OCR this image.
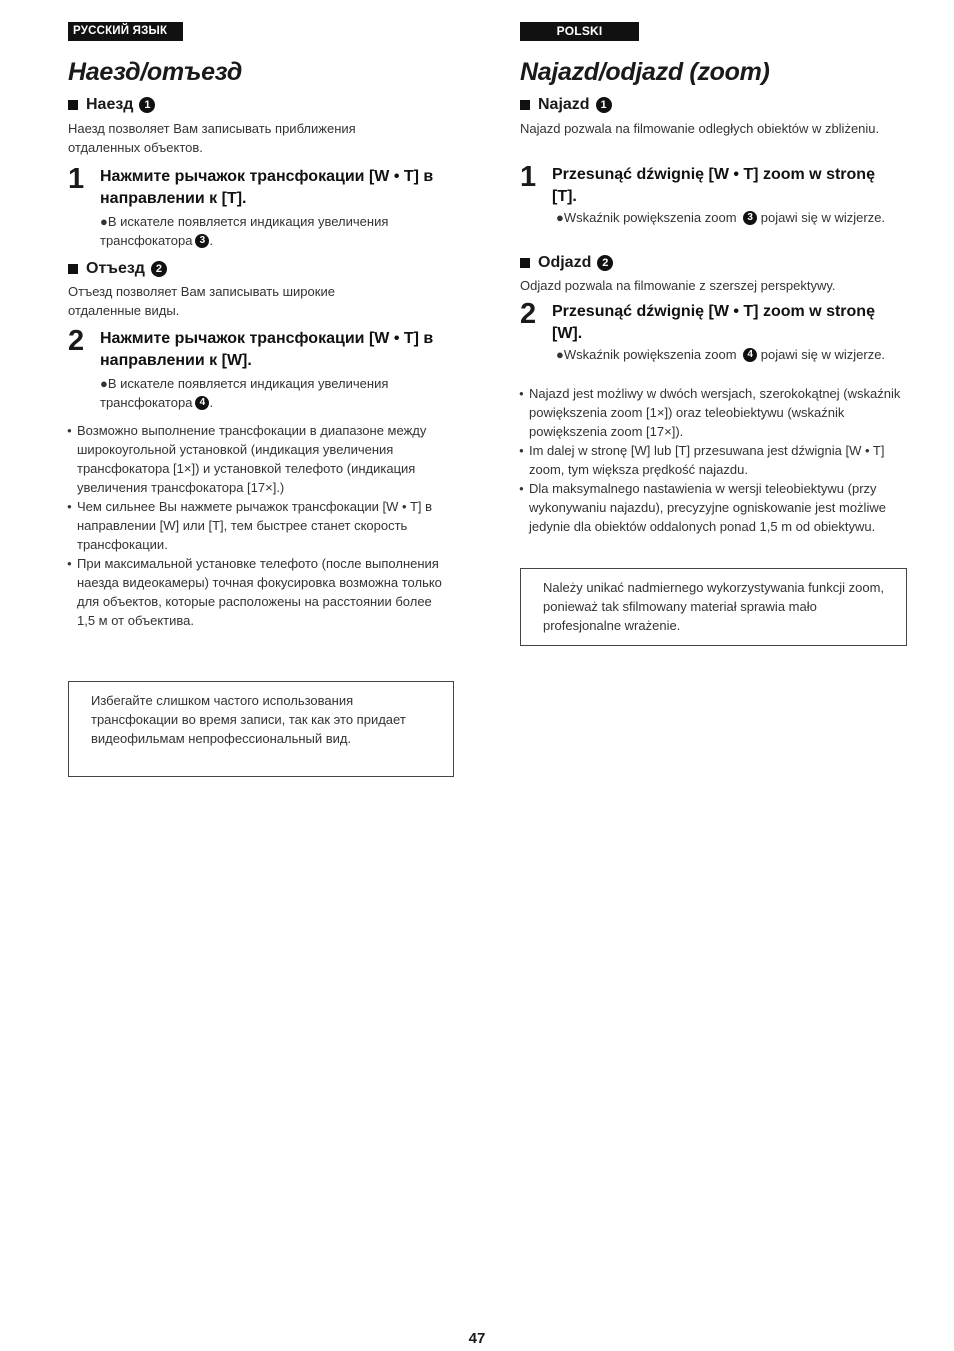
РУССКИЙ ЯЗЫК
Наезд/отъезд
Наезд 1

Наезд позволяет Вам записывать приближения отдаленных объектов.

1 Нажмите рычажок трансфокации [W • T] в направлении к [T].
●В искателе появляется индикация увеличения трансфокатора 3 .
Отъезд 2

Отъезд позволяет Вам записывать широкие отдаленные виды.

2 Нажмите рычажок трансфокации [W • T] в направлении к [W].
●В искателе появляется индикация увеличения трансфокатора 4 .
● Возможно выполнение трансфокации в диапазоне между широкоугольной установкой (индикация увеличения трансфокатора [1×]) и установкой телефото (индикация увеличения трансфокатора [17×].)
● Чем сильнее Вы нажмете рычажок трансфокации [W • T] в направлении [W] или [T], тем быстрее станет скорость трансфокации.
● При максимальной установке телефото (после выполнения наезда видеокамеры) точная фокусировка возможна только для объектов, которые расположены на расстоянии более 1,5 м от объектива.
Избегайте слишком частого использования трансфокации во время записи, так как это придает видеофильмам непрофессиональный вид.
POLSKI
Najazd/odjazd (zoom)
Najazd 1

Najazd pozwala na filmowanie odległych obiektów w zbliżeniu.

1 Przesunąć dźwignię [W • T] zoom w stronę [T].
●Wskaźnik powiększenia zoom 3 pojawi się w wizjerze.
Odjazd 2

Odjazd pozwala na filmowanie z szerszej perspektywy.

2 Przesunąć dźwignię [W • T] zoom w stronę [W].
●Wskaźnik powiększenia zoom 4 pojawi się w wizjerze.
● Najazd jest możliwy w dwóch wersjach, szerokokątnej (wskaźnik powiększenia zoom [1×]) oraz teleobiektywu (wskaźnik powiększenia zoom [17×]).
● Im dalej w stronę [W] lub [T] przesuwana jest dźwignia [W • T] zoom, tym większa prędkość najazdu.
● Dla maksymalnego nastawienia w wersji teleobiektywu (przy wykonywaniu najazdu), precyzyjne ogniskowanie jest możliwe jedynie dla obiektów oddalonych ponad 1,5 m od obiektywu.
Należy unikać nadmiernego wykorzystywania funkcji zoom, ponieważ tak sfilmowany materiał sprawia mało profesjonalne wrażenie.
47
